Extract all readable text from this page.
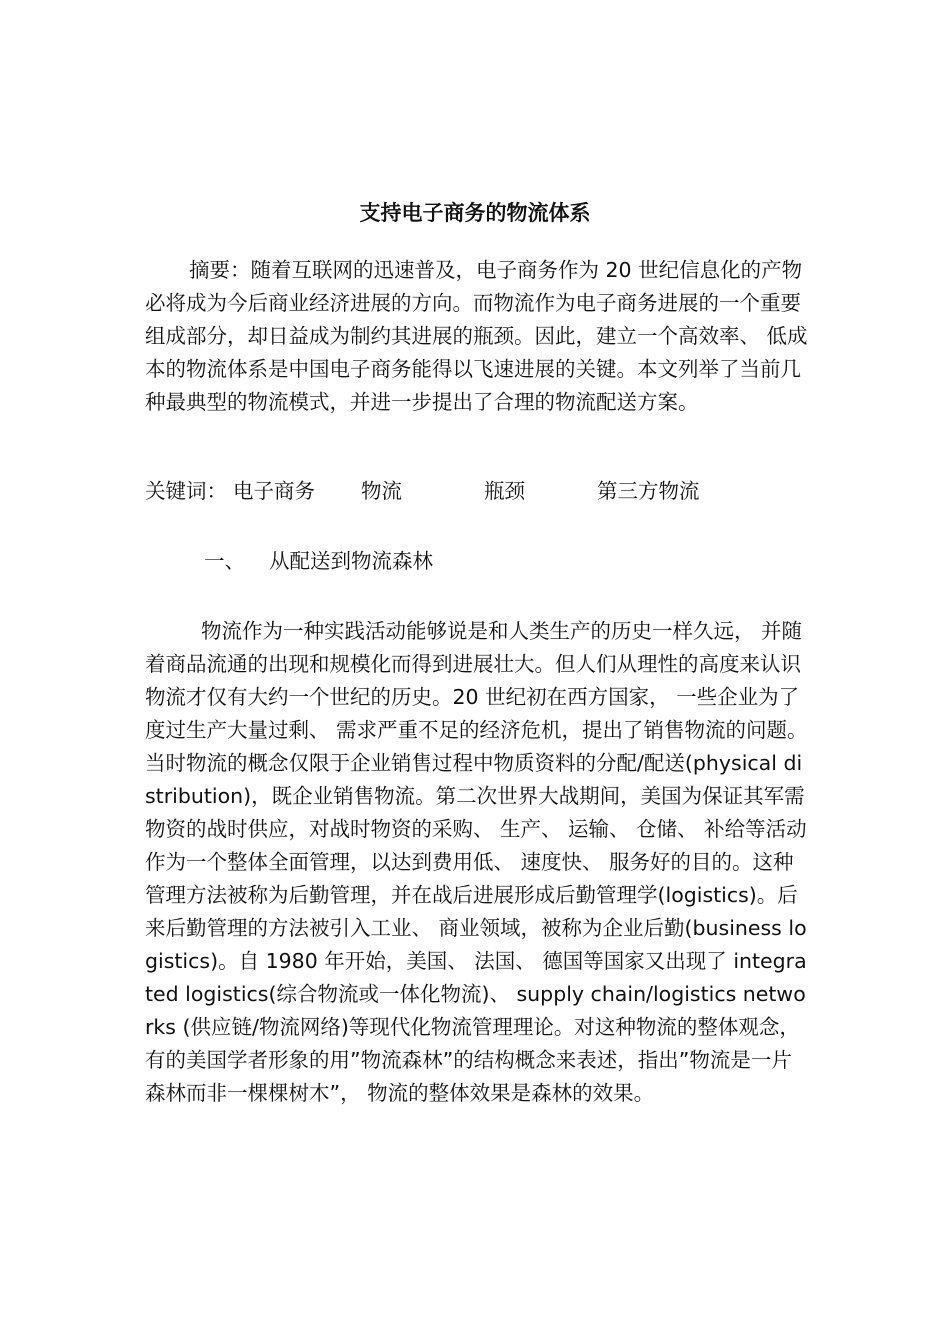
支持电子商务的物流体系

摘要：随着互联网的迅速普及，电子商务作为 20 世纪信息化的产物必将成为今后商业经济进展的方向。而物流作为电子商务进展的一个重要组成部分，却日益成为制约其进展的瓶颈。因此，建立一个高效率、 低成本的物流体系是中国电子商务能得以飞速进展的关键。本文列举了当前几种最典型的物流模式，并进一步提出了合理的物流配送方案。

关键词： 电子商务 物流	瓶颈	第三方物流
一、 从配送到物流森林

物流作为一种实践活动能够说是和人类生产的历史一样久远， 并随着商品流通的出现和规模化而得到进展壮大。但人们从理性的高度来认识物流才仅有大约一个世纪的历史。20 世纪初在西方国家， 一些企业为了度过生产大量过剩、 需求严重不足的经济危机，提出了销售物流的问题。当时物流的概念仅限于企业销售过程中物质资料的分配/配送(physical distribution)，既企业销售物流。第二次世界大战期间，美国为保证其军需物资的战时供应，对战时物资的采购、 生产、 运输、 仓储、 补给等活动作为一个整体全面管理，以达到费用低、 速度快、 服务好的目的。这种管理方法被称为后勤管理，并在战后进展形成后勤管理学(logistics)。后来后勤管理的方法被引入工业、 商业领域，被称为企业后勤(business logistics)。自 1980 年开始，美国、 法国、 德国等国家又出现了 integrated logistics(综合物流或一体化物流)、 supply chain/logistics networks (供应链/物流网络)等现代化物流管理理论。对这种物流的整体观念，有的美国学者形象的用”物流森林”的结构概念来表述，指出”物流是一片森林而非一棵棵树木”， 物流的整体效果是森林的效果。
